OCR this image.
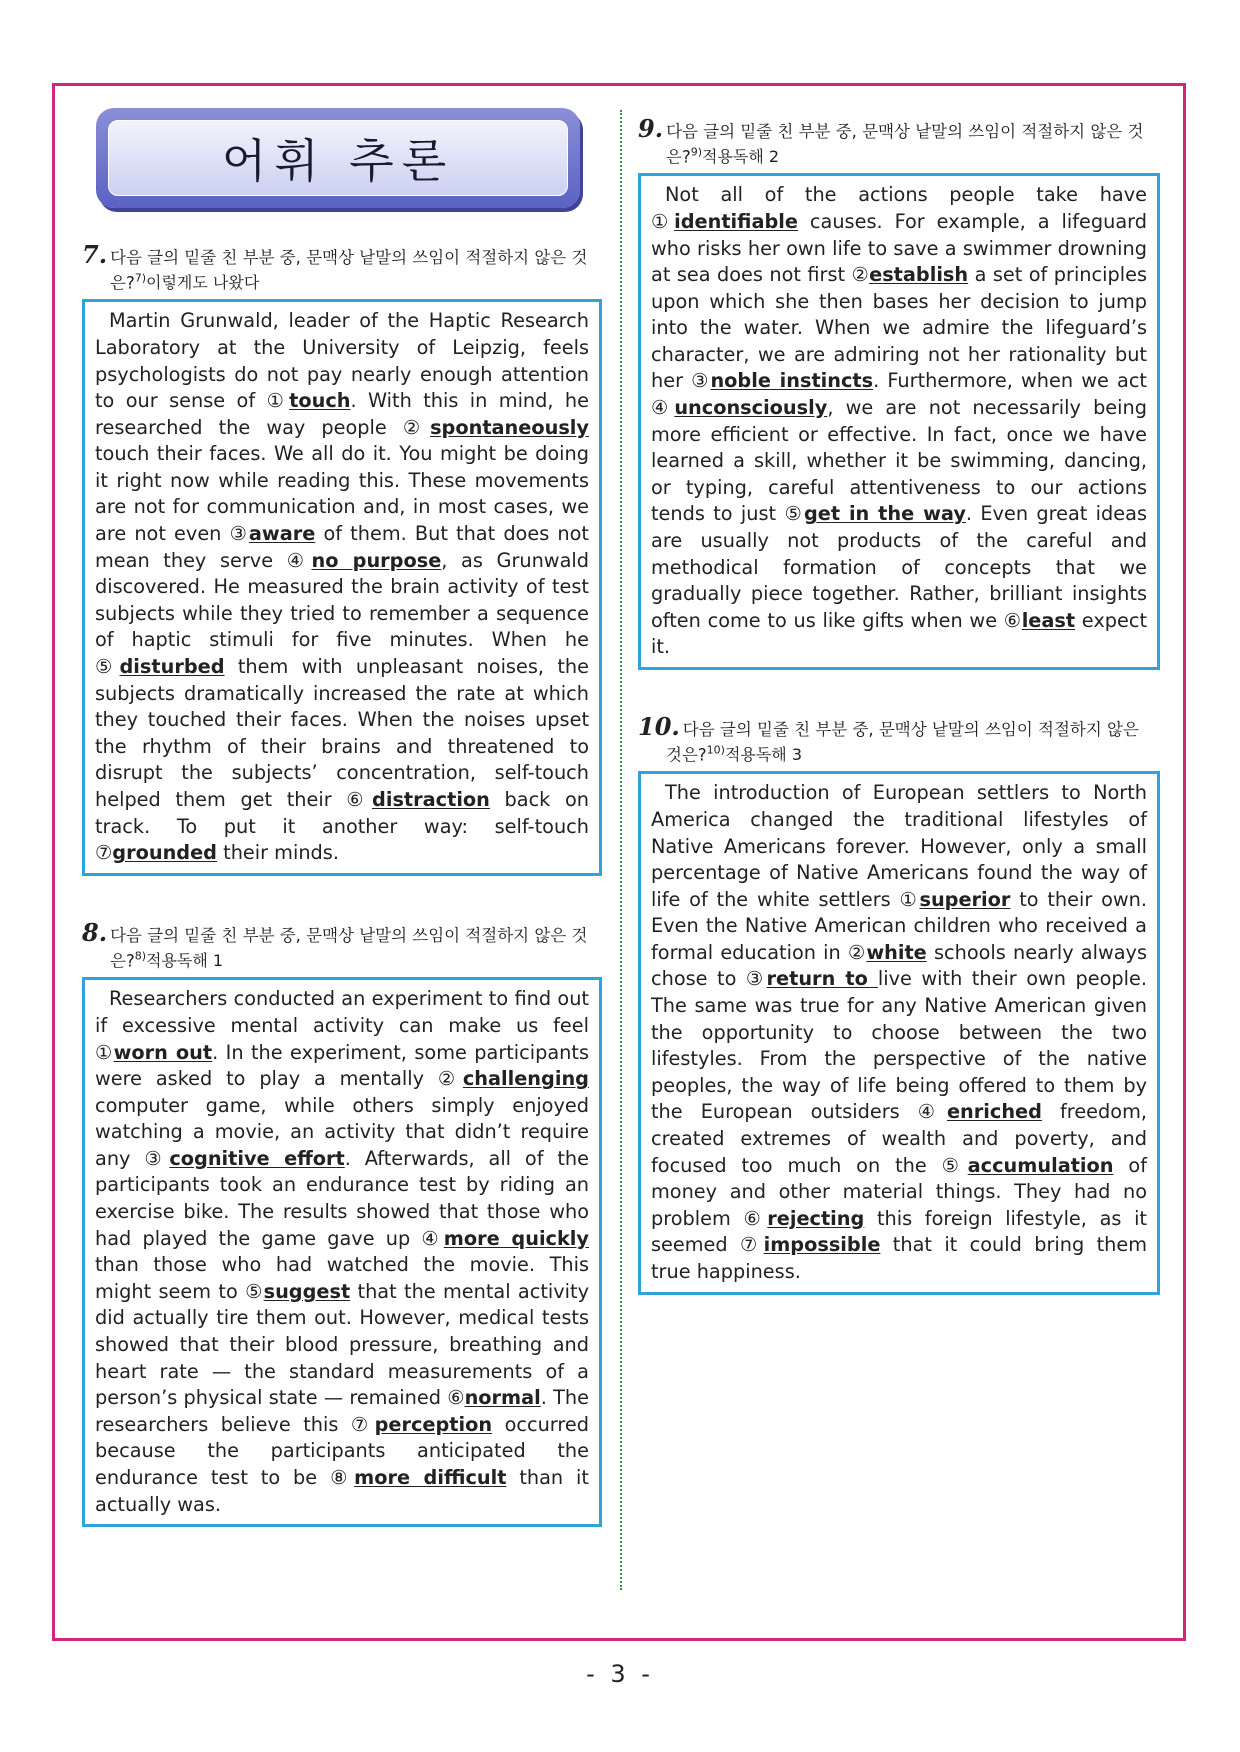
어휘 추론
7. 다음 글의 밑줄 친 부분 중, 문맥상 낱말의 쓰임이 적절하지 않은 것은?$^{7)}$이렇게도 나왔다
Martin Grunwald, leader of the Haptic Research Laboratory at the University of Leipzig, feels psychologists do not pay nearly enough attention to our sense of ①touch. With this in mind, he researched the way people ②spontaneously touch their faces. We all do it. You might be doing it right now while reading this. These movements are not for communication and, in most cases, we are not even ③aware of them. But that does not mean they serve ④no purpose, as Grunwald discovered. He measured the brain activity of test subjects while they tried to remember a sequence of haptic stimuli for five minutes. When he ⑤disturbed them with unpleasant noises, the subjects dramatically increased the rate at which they touched their faces. When the noises upset the rhythm of their brains and threatened to disrupt the subjects’ concentration, self-touch helped them get their ⑥distraction back on track. To put it another way: self-touch ⑦grounded their minds.
8. 다음 글의 밑줄 친 부분 중, 문맥상 낱말의 쓰임이 적절하지 않은 것은?$^{8)}$적용독해 1
Researchers conducted an experiment to find out if excessive mental activity can make us feel ①worn out. In the experiment, some participants were asked to play a mentally ②challenging computer game, while others simply enjoyed watching a movie, an activity that didn’t require any ③cognitive effort. Afterwards, all of the participants took an endurance test by riding an exercise bike. The results showed that those who had played the game gave up ④more quickly than those who had watched the movie. This might seem to ⑤suggest that the mental activity did actually tire them out. However, medical tests showed that their blood pressure, breathing and heart rate — the standard measurements of a person’s physical state — remained ⑥normal. The researchers believe this ⑦perception occurred because the participants anticipated the endurance test to be ⑧more difficult than it actually was.
9. 다음 글의 밑줄 친 부분 중, 문맥상 낱말의 쓰임이 적절하지 않은 것은?$^{9)}$적용독해 2
Not all of the actions people take have ①identifiable causes. For example, a lifeguard who risks her own life to save a swimmer drowning at sea does not first ②establish a set of principles upon which she then bases her decision to jump into the water. When we admire the lifeguard’s character, we are admiring not her rationality but her ③noble instincts. Furthermore, when we act ④unconsciously, we are not necessarily being more efficient or effective. In fact, once we have learned a skill, whether it be swimming, dancing, or typing, careful attentiveness to our actions tends to just ⑤get in the way. Even great ideas are usually not products of the careful and methodical formation of concepts that we gradually piece together. Rather, brilliant insights often come to us like gifts when we ⑥least expect it.
10. 다음 글의 밑줄 친 부분 중, 문맥상 낱말의 쓰임이 적절하지 않은 것은?$^{10)}$적용독해 3
The introduction of European settlers to North America changed the traditional lifestyles of Native Americans forever. However, only a small percentage of Native Americans found the way of life of the white settlers ①superior to their own. Even the Native American children who received a formal education in ②white schools nearly always chose to ③return to live with their own people. The same was true for any Native American given the opportunity to choose between the two lifestyles. From the perspective of the native peoples, the way of life being offered to them by the European outsiders ④enriched freedom, created extremes of wealth and poverty, and focused too much on the ⑤accumulation of money and other material things. They had no problem ⑥rejecting this foreign lifestyle, as it seemed ⑦impossible that it could bring them true happiness.
- 3 -
